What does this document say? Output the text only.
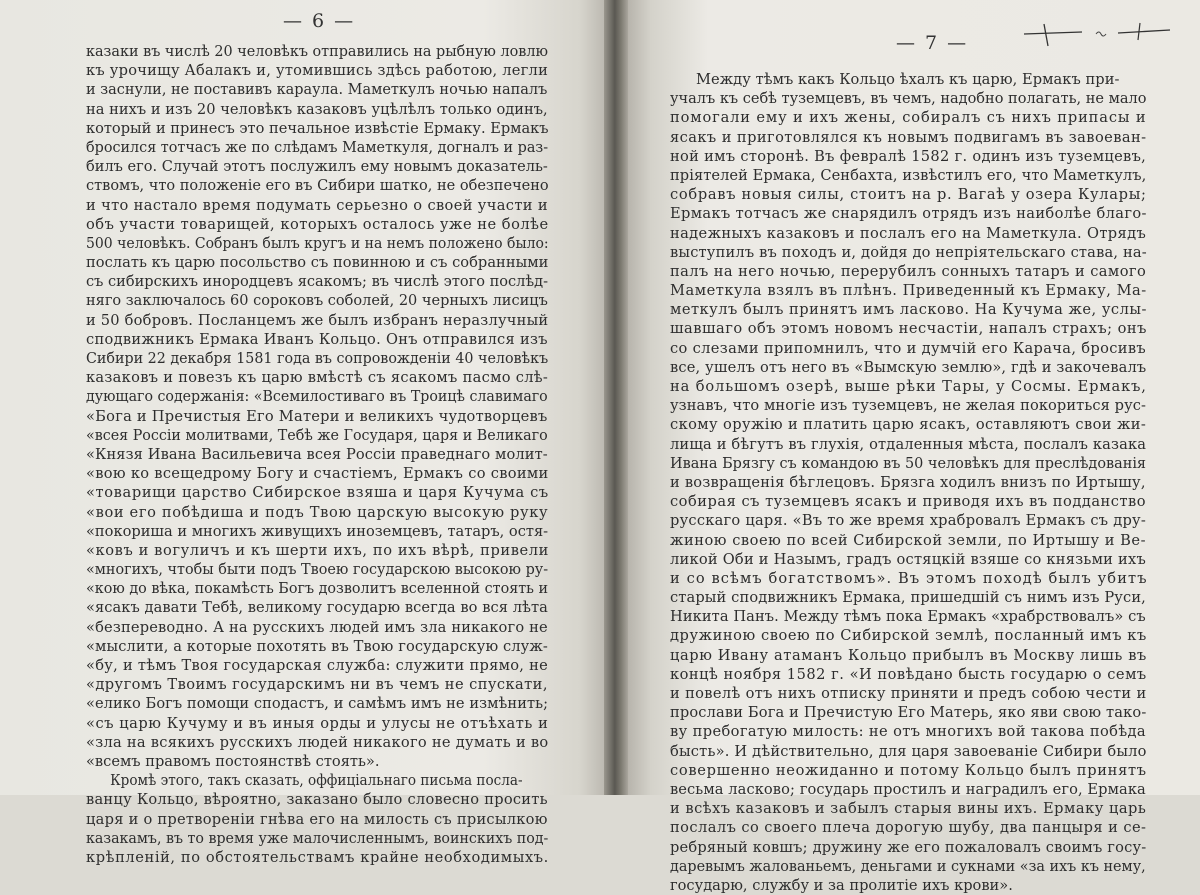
— 6 —
казаки въ числѣ 20 человѣкъ отправились на рыбную ловлю
къ урочищу Абалакъ и, утомившись здѣсь работою, легли
и заснули, не поставивъ караула. Маметкулъ ночью напалъ
на нихъ и изъ 20 человѣкъ казаковъ уцѣлѣлъ только одинъ,
который и принесъ это печальное извѣстіе Ермаку. Ермакъ
бросился тотчасъ же по слѣдамъ Маметкуля, догналъ и раз-
билъ его. Случай этотъ послужилъ ему новымъ доказатель-
ствомъ, что положеніе его въ Сибири шатко, не обезпечено
и что настало время подумать серьезно о своей участи и
объ участи товарищей, которыхъ осталось уже не болѣе
500 человѣкъ. Собранъ былъ кругъ и на немъ положено было:
послать къ царю посольство съ повинною и съ собранными
съ сибирскихъ инородцевъ ясакомъ; въ числѣ этого послѣд-
няго заключалось 60 сороковъ соболей, 20 черныхъ лисицъ
и 50 бобровъ. Посланцемъ же былъ избранъ неразлучный
сподвижникъ Ермака Иванъ Кольцо. Онъ отправился изъ
Сибири 22 декабря 1581 года въ сопровожденіи 40 человѣкъ
казаковъ и повезъ къ царю вмѣстѣ съ ясакомъ пасмо слѣ-
дующаго содержанія: «Всемилостиваго въ Троицѣ славимаго
«Бога и Пречистыя Его Матери и великихъ чудотворцевъ
«всея Россіи молитвами, Тебѣ же Государя, царя и Великаго
«Князя Ивана Васильевича всея Россіи праведнаго молит-
«вою ко всещедрому Богу и счастіемъ, Ермакъ со своими
«товарищи царство Сибирское взяша и царя Кучума съ
«вои его побѣдиша и подъ Твою царскую высокую руку
«покориша и многихъ живущихъ иноземцевъ, татаръ, остя-
«ковъ и вогуличъ и къ шерти ихъ, по ихъ вѣрѣ, привели
«многихъ, чтобы быти подъ Твоею государскою высокою ру-
«кою до вѣка, покамѣсть Богъ дозволитъ вселенной стоять и
«ясакъ давати Тебѣ, великому государю всегда во вся лѣта
«безпереводно. А на русскихъ людей имъ зла никакого не
«мыслити, а которые похотять въ Твою государскую служ-
«бу, и тѣмъ Твоя государская служба: служити прямо, не
«другомъ Твоимъ государскимъ ни въ чемъ не спускати,
«елико Богъ помощи сподастъ, и самѣмъ имъ не измѣнить;
«съ царю Кучуму и въ иныя орды и улусы не отъѣхать и
«зла на всякихъ русскихъ людей никакого не думать и во
«всемъ правомъ постоянствѣ стоять».
Кромѣ этого, такъ сказать, оффиціальнаго письма посла-
ванцу Кольцо, вѣроятно, заказано было словесно просить
царя и о претвореніи гнѣва его на милость съ присылкою
казакамъ, въ то время уже малочисленнымъ, воинскихъ под-
крѣпленій, по обстоятельствамъ крайне необходимыхъ.
— 7 —
Между тѣмъ какъ Кольцо ѣхалъ къ царю, Ермакъ при-
учалъ къ себѣ туземцевъ, въ чемъ, надобно полагать, не мало
помогали ему и ихъ жены, собиралъ съ нихъ припасы и
ясакъ и приготовлялся къ новымъ подвигамъ въ завоеван-
ной имъ сторонѣ. Въ февралѣ 1582 г. одинъ изъ туземцевъ,
пріятелей Ермака, Сенбахта, извѣстилъ его, что Маметкулъ,
собравъ новыя силы, стоитъ на р. Вагаѣ у озера Кулары;
Ермакъ тотчасъ же снарядилъ отрядъ изъ наиболѣе благо-
надежныхъ казаковъ и послалъ его на Маметкула. Отрядъ
выступилъ въ походъ и, дойдя до непріятельскаго става, на-
палъ на него ночью, перерубилъ сонныхъ татаръ и самого
Маметкула взялъ въ плѣнъ. Приведенный къ Ермаку, Ма-
меткулъ былъ принятъ имъ ласково. На Кучума же, услы-
шавшаго объ этомъ новомъ несчастіи, напалъ страхъ; онъ
со слезами припомнилъ, что и думчій его Карача, бросивъ
все, ушелъ отъ него въ «Вымскую землю», гдѣ и закочевалъ
на большомъ озерѣ, выше рѣки Тары, у Сосмы. Ермакъ,
узнавъ, что многіе изъ туземцевъ, не желая покориться рус-
скому оружію и платить царю ясакъ, оставляютъ свои жи-
лища и бѣгутъ въ глухія, отдаленныя мѣста, послалъ казака
Ивана Брязгу съ командою въ 50 человѣкъ для преслѣдованія
и возвращенія бѣглецовъ. Брязга ходилъ внизъ по Иртышу,
собирая съ туземцевъ ясакъ и приводя ихъ въ подданство
русскаго царя. «Въ то же время храбровалъ Ермакъ съ дру-
жиною своею по всей Сибирской земли, по Иртышу и Ве-
ликой Оби и Назымъ, градъ остяцкій взяше со князьми ихъ
и со всѣмъ богатствомъ». Въ этомъ походѣ былъ убитъ
старый сподвижникъ Ермака, пришедшій съ нимъ изъ Руси,
Никита Панъ. Между тѣмъ пока Ермакъ «храбрствовалъ» съ
дружиною своею по Сибирской землѣ, посланный имъ къ
царю Ивану атаманъ Кольцо прибылъ въ Москву лишь въ
концѣ ноября 1582 г. «И повѣдано бысть государю о семъ
и повелѣ отъ нихъ отписку приняти и предъ собою чести и
прослави Бога и Пречистую Его Матерь, яко яви свою тако-
ву пребогатую милость: не отъ многихъ вой такова побѣда
бысть». И дѣйствительно, для царя завоеваніе Сибири было
совершенно неожиданно и потому Кольцо былъ принятъ
весьма ласково; государь простилъ и наградилъ его, Ермака
и всѣхъ казаковъ и забылъ старыя вины ихъ. Ермаку царь
послалъ со своего плеча дорогую шубу, два панцыря и се-
ребряный ковшъ; дружину же его пожаловалъ своимъ госу-
даревымъ жалованьемъ, деньгами и сукнами «за ихъ къ нему,
государю, службу и за пролитіе ихъ крови».
